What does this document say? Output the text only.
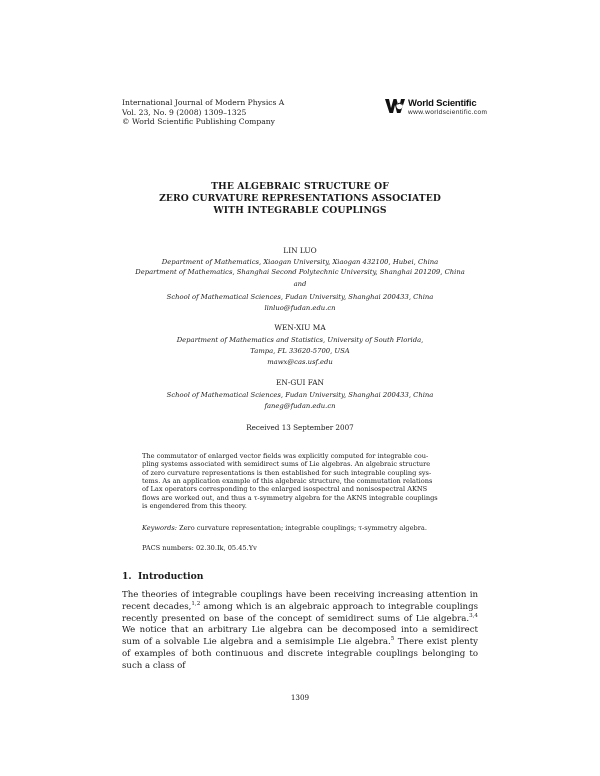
International Journal of Modern Physics A
Vol. 23, No. 9 (2008) 1309–1325
© World Scientific Publishing Company
World Scientific
www.worldscientific.com
THE ALGEBRAIC STRUCTURE OF
ZERO CURVATURE REPRESENTATIONS ASSOCIATED
WITH INTEGRABLE COUPLINGS
LIN LUO
Department of Mathematics, Xiaogan University, Xiaogan 432100, Hubei, China
Department of Mathematics, Shanghai Second Polytechnic University, Shanghai 201209, China
and
School of Mathematical Sciences, Fudan University, Shanghai 200433, China
linluo@fudan.edu.cn
WEN-XIU MA
Department of Mathematics and Statistics, University of South Florida,
Tampa, FL 33620-5700, USA
mawx@cas.usf.edu
EN-GUI FAN
School of Mathematical Sciences, Fudan University, Shanghai 200433, China
faneg@fudan.edu.cn
Received 13 September 2007
The commutator of enlarged vector fields was explicitly computed for integrable cou-
pling systems associated with semidirect sums of Lie algebras. An algebraic structure
of zero curvature representations is then established for such integrable coupling sys-
tems. As an application example of this algebraic structure, the commutation relations
of Lax operators corresponding to the enlarged isospectral and nonisospectral AKNS
flows are worked out, and thus a τ-symmetry algebra for the AKNS integrable couplings
is engendered from this theory.
Keywords: Zero curvature representation; integrable couplings; τ-symmetry algebra.
PACS numbers: 02.30.Ik, 05.45.Yv
1. Introduction
The theories of integrable couplings have been receiving increasing attention in recent decades,$^{1,2}$ among which is an algebraic approach to integrable couplings recently presented on base of the concept of semidirect sums of Lie algebra.$^{3,4}$ We notice that an arbitrary Lie algebra can be decomposed into a semidirect sum of a solvable Lie algebra and a semisimple Lie algebra.$^5$ There exist plenty of examples of both continuous and discrete integrable couplings belonging to such a class of
1309
